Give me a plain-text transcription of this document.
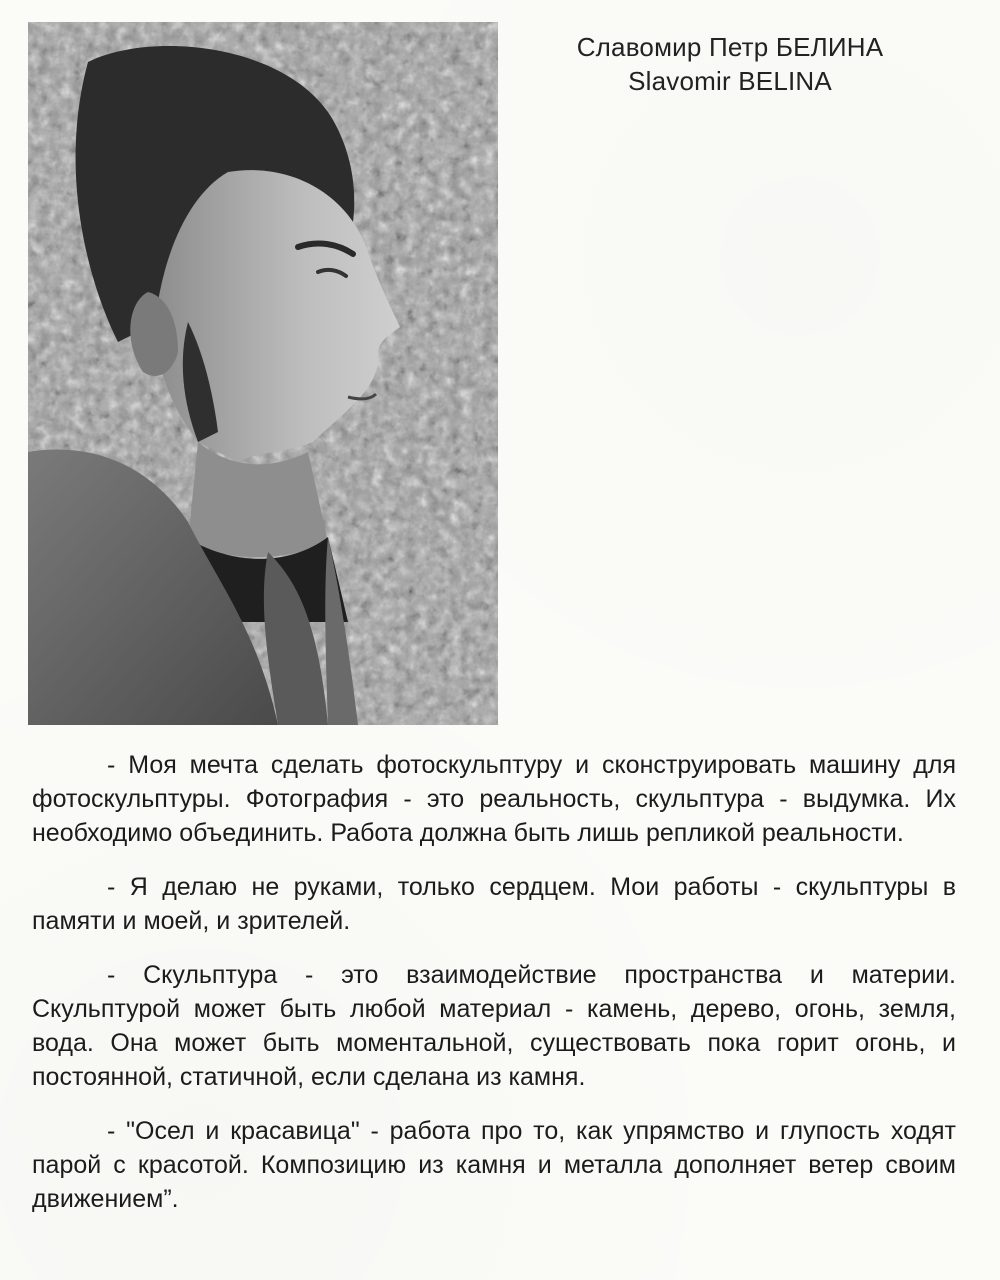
Славомир Петр БЕЛИНА
Slavomir BELINA

- Моя мечта сделать фотоскульптуру и сконструировать машину для фотоскульптуры. Фотография - это реальность, скульптура - выдумка. Их необходимо объединить. Работа должна быть лишь репликой реальности.

- Я делаю не руками, только сердцем. Мои работы - скульптуры в памяти и моей, и зрителей.

- Скульптура - это взаимодействие пространства и материи. Скульптурой может быть любой материал - камень, дерево, огонь, земля, вода. Она может быть моментальной, существовать пока горит огонь, и постоянной, статичной, если сделана из камня.

- "Осел и красавица" - работа про то, как упрямство и глупость ходят парой с красотой. Композицию из камня и металла дополняет ветер своим движением”.
